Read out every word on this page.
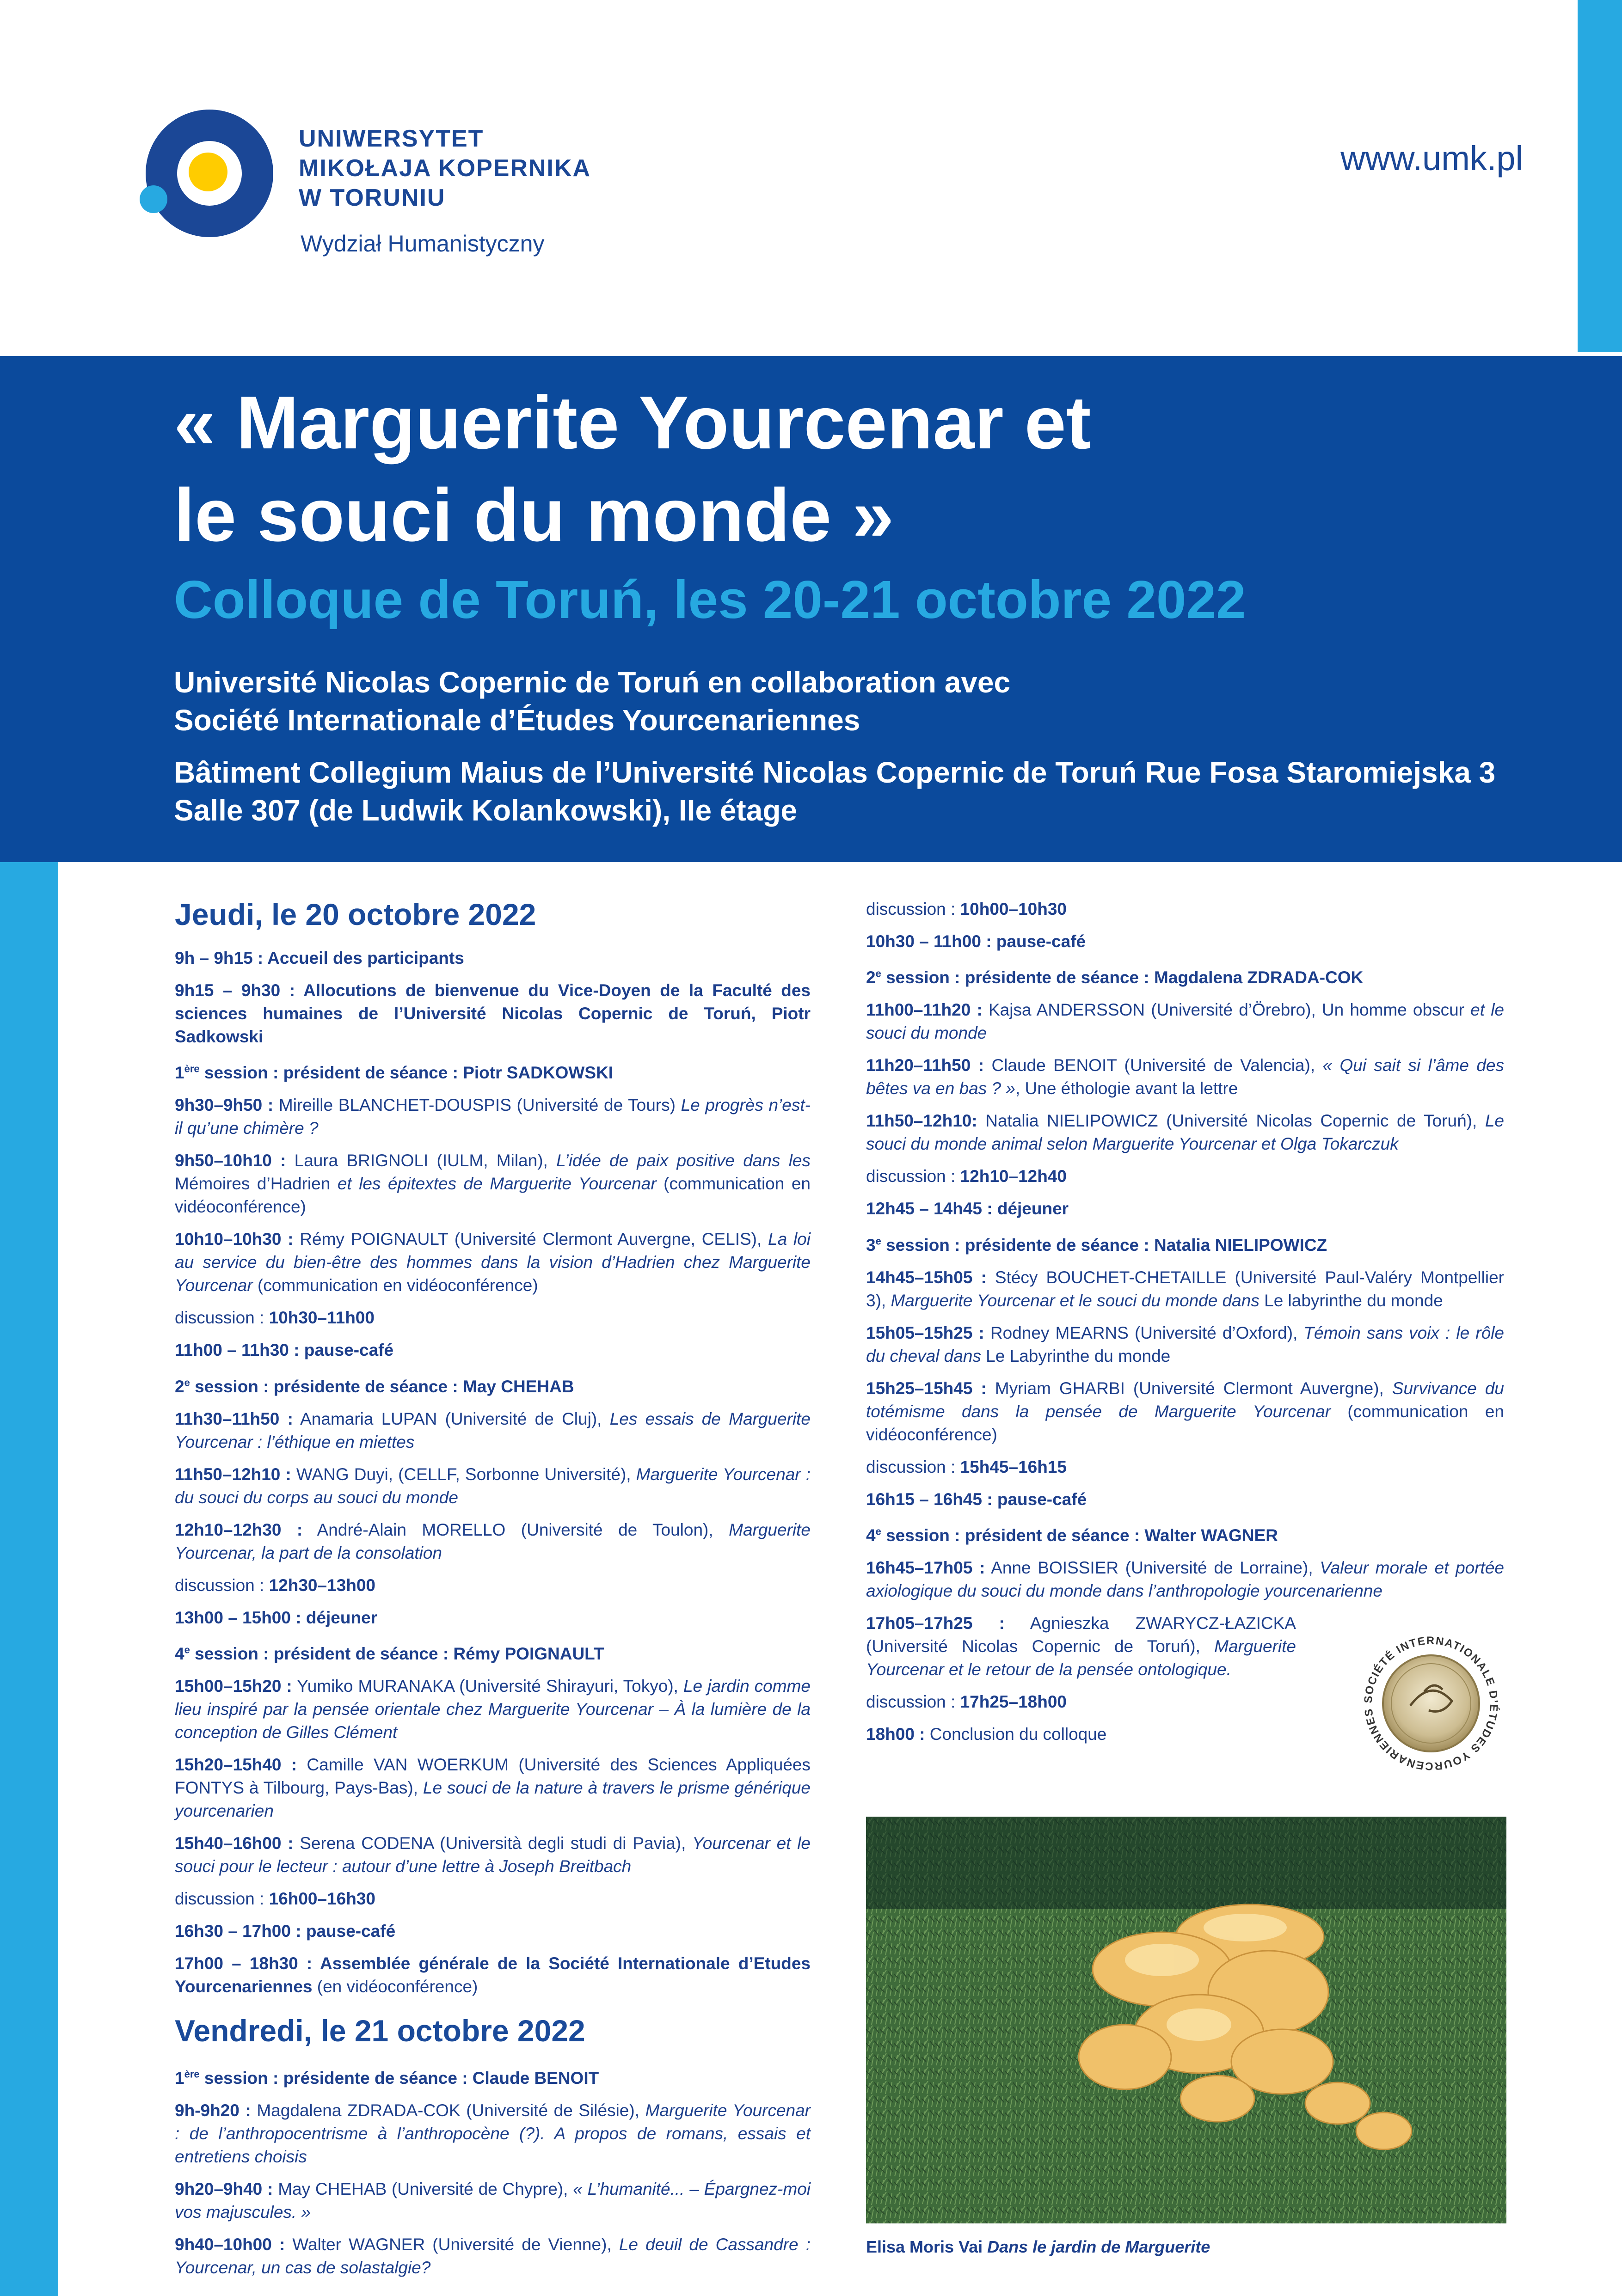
UNIWERSYTET
MIKOŁAJA KOPERNIKA
W TORUNIU
Wydział Humanistyczny
www.umk.pl
« Marguerite Yourcenar et
le souci du monde »
Colloque de Toruń, les 20-21 octobre 2022
Université Nicolas Copernic de Toruń en collaboration avec
Société Internationale d’Études Yourcenariennes
Bâtiment Collegium Maius de l’Université Nicolas Copernic de Toruń Rue Fosa Staromiejska 3
Salle 307 (de Ludwik Kolankowski), IIe étage

Jeudi, le 20 octobre 2022

9h – 9h15 : Accueil des participants

9h15 – 9h30 : Allocutions de bienvenue du Vice-Doyen de la Faculté des sciences humaines de l’Université Nicolas Copernic de Toruń, Piotr Sadkowski

1ère session : président de séance : Piotr SADKOWSKI

9h30–9h50 : Mireille BLANCHET-DOUSPIS (Université de Tours) Le progrès n’est-il qu’une chimère ?

9h50–10h10 : Laura BRIGNOLI (IULM, Milan), L’idée de paix positive dans les Mémoires d’Hadrien et les épitextes de Marguerite Yourcenar (communication en vidéoconférence)

10h10–10h30 : Rémy POIGNAULT (Université Clermont Auvergne, CELIS), La loi au service du bien-être des hommes dans la vision d’Hadrien chez Marguerite Yourcenar (communication en vidéoconférence)

discussion : 10h30–11h00

11h00 – 11h30 : pause-café

2e session : présidente de séance : May CHEHAB

11h30–11h50 : Anamaria LUPAN (Université de Cluj), Les essais de Marguerite Yourcenar : l’éthique en miettes

11h50–12h10 : WANG Duyi, (CELLF, Sorbonne Université), Marguerite Yourcenar : du souci du corps au souci du monde

12h10–12h30 : André-Alain MORELLO (Université de Toulon), Marguerite Yourcenar, la part de la consolation

discussion : 12h30–13h00

13h00 – 15h00 : déjeuner

4e session : président de séance : Rémy POIGNAULT

15h00–15h20 : Yumiko MURANAKA (Université Shirayuri, Tokyo), Le jardin comme lieu inspiré par la pensée orientale chez Marguerite Yourcenar – À la lumière de la conception de Gilles Clément

15h20–15h40 : Camille VAN WOERKUM (Université des Sciences Appliquées FONTYS à Tilbourg, Pays-Bas), Le souci de la nature à travers le prisme générique yourcenarien

15h40–16h00 : Serena CODENA (Università degli studi di Pavia), Yourcenar et le souci pour le lecteur : autour d’une lettre à Joseph Breitbach

discussion : 16h00–16h30

16h30 – 17h00 : pause-café

17h00 – 18h30 : Assemblée générale de la Société Internationale d’Etudes Yourcenariennes (en vidéoconférence)

Vendredi, le 21 octobre 2022

1ère session : présidente de séance : Claude BENOIT

9h-9h20 : Magdalena ZDRADA-COK (Université de Silésie), Marguerite Yourcenar : de l’anthropocentrisme à l’anthropocène (?). A propos de romans, essais et entretiens choisis

9h20–9h40 : May CHEHAB (Université de Chypre), « L’humanité... – Épargnez-moi vos majuscules. »

9h40–10h00 : Walter WAGNER (Université de Vienne), Le deuil de Cassandre : Yourcenar, un cas de solastalgie?

discussion : 10h00–10h30

10h30 – 11h00 : pause-café

2e session : présidente de séance : Magdalena ZDRADA-COK

11h00–11h20 : Kajsa ANDERSSON (Université d’Örebro), Un homme obscur et le souci du monde

11h20–11h50 : Claude BENOIT (Université de Valencia), « Qui sait si l’âme des bêtes va en bas ? », Une éthologie avant la lettre

11h50–12h10: Natalia NIELIPOWICZ (Université Nicolas Copernic de Toruń), Le souci du monde animal selon Marguerite Yourcenar et Olga Tokarczuk

discussion : 12h10–12h40

12h45 – 14h45 : déjeuner

3e session : présidente de séance : Natalia NIELIPOWICZ

14h45–15h05 : Stécy BOUCHET-CHETAILLE (Université Paul-Valéry Montpellier 3), Marguerite Yourcenar et le souci du monde dans Le labyrinthe du monde

15h05–15h25 : Rodney MEARNS (Université d’Oxford), Témoin sans voix : le rôle du cheval dans Le Labyrinthe du monde

15h25–15h45 : Myriam GHARBI (Université Clermont Auvergne), Survivance du totémisme dans la pensée de Marguerite Yourcenar (communication en vidéoconférence)

discussion : 15h45–16h15

16h15 – 16h45 : pause-café

4e session : président de séance : Walter WAGNER

16h45–17h05 : Anne BOISSIER (Université de Lorraine), Valeur morale et portée axiologique du souci du monde dans l’anthropologie yourcenarienne

17h05–17h25 : Agnieszka ZWARYCZ-ŁAZICKA (Université Nicolas Copernic de Toruń), Marguerite Yourcenar et le retour de la pensée ontologique.

discussion : 17h25–18h00

18h00 : Conclusion du colloque

SOCIÉTÉ INTERNATIONALE D’ÉTUDES YOURCENARIENNES
Elisa Moris Vai Dans le jardin de Marguerite
